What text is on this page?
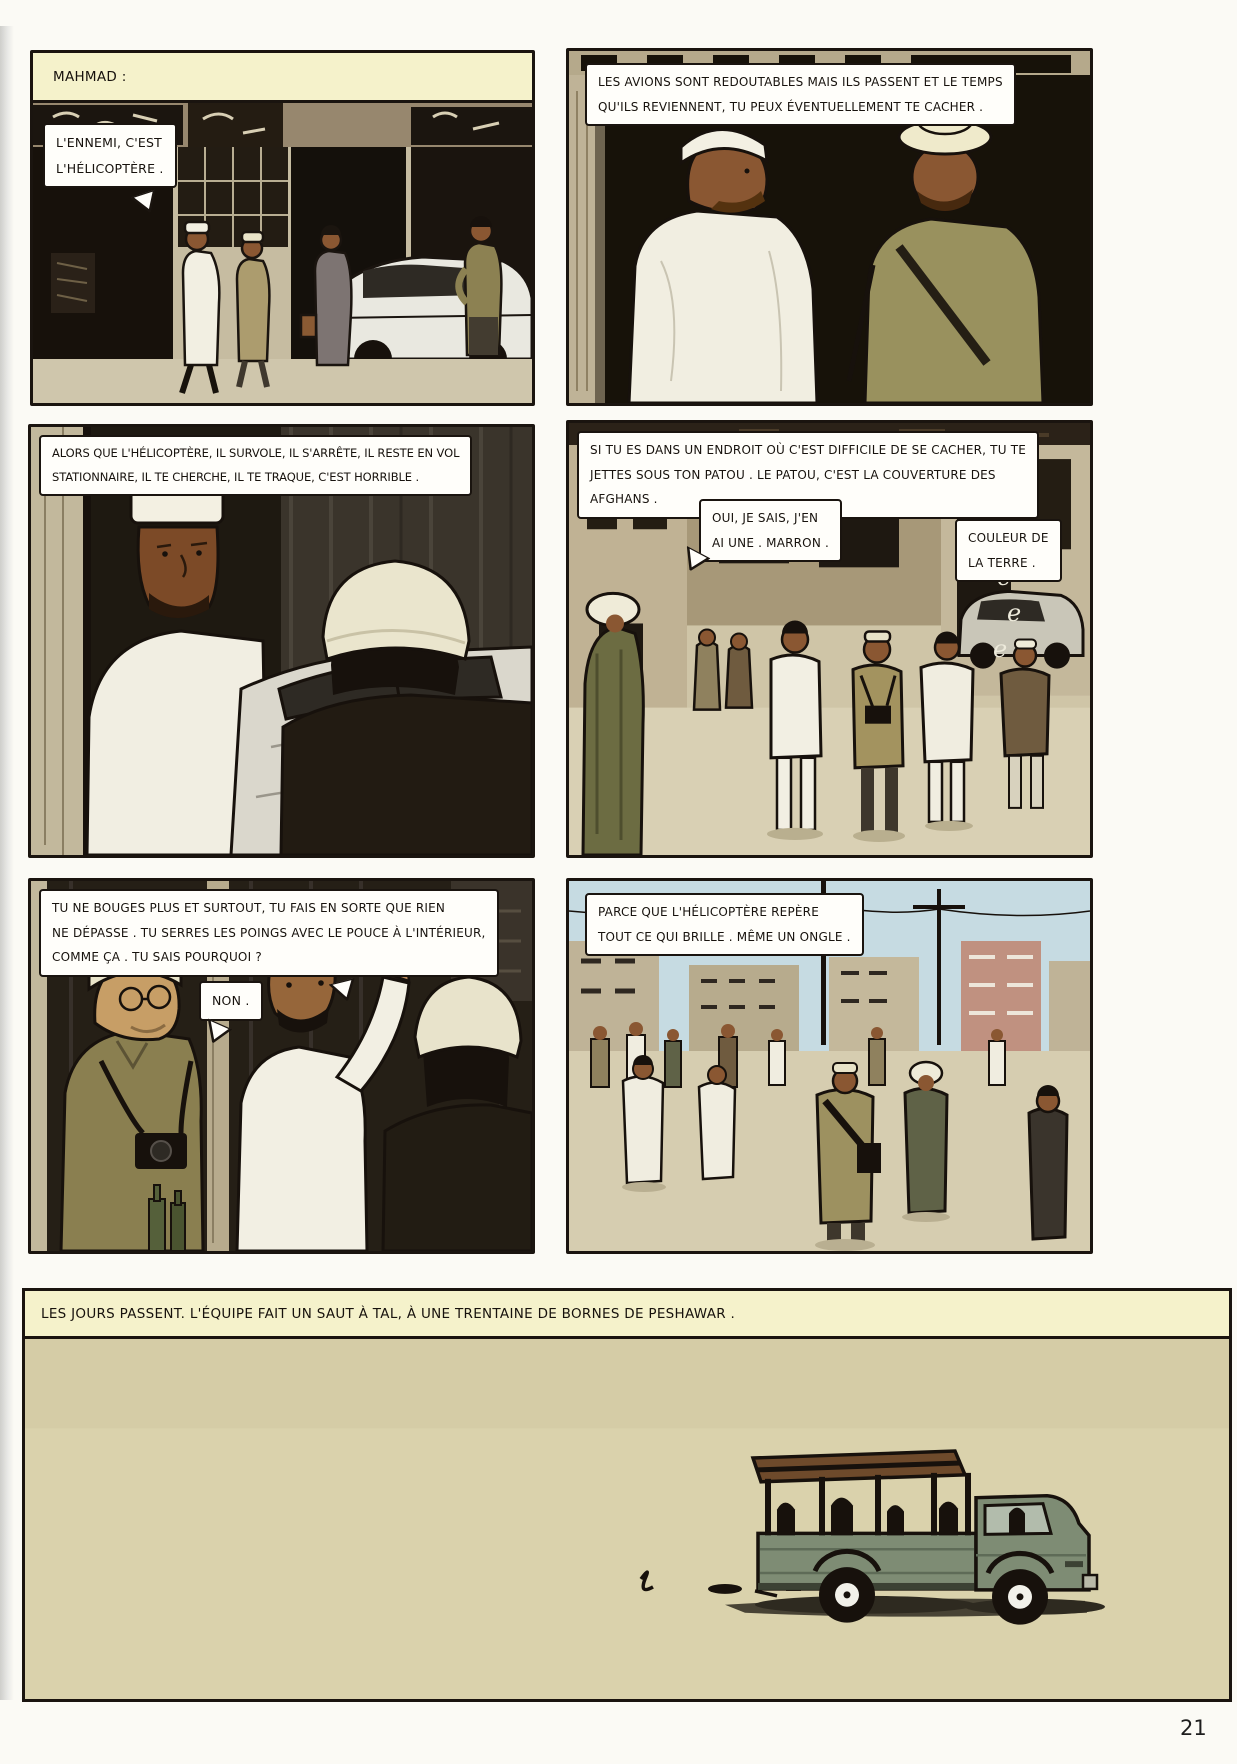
MAHMAD :
L'ENNEMI, C'EST
L'HÉLICOPTÈRE .
LES AVIONS SONT REDOUTABLES MAIS ILS PASSENT ET LE TEMPS
QU'ILS REVIENNENT, TU PEUX ÉVENTUELLEMENT TE CACHER .
ALORS QUE L'HÉLICOPTÈRE, IL SURVOLE, IL S'ARRÊTE, IL RESTE EN VOL
STATIONNAIRE, IL TE CHERCHE, IL TE TRAQUE, C'EST HORRIBLE .
e
e
SI TU ES DANS UN ENDROIT OÙ C'EST DIFFICILE DE SE CACHER, TU TE
JETTES SOUS TON PATOU . LE PATOU, C'EST LA COUVERTURE DES
AFGHANS .
OUI, JE SAIS, J'EN
AI UNE . MARRON .	COULEUR DE
LA TERRE .
TU NE BOUGES PLUS ET SURTOUT, TU FAIS EN SORTE QUE RIEN
NE DÉPASSE . TU SERRES LES POINGS AVEC LE POUCE À L'INTÉRIEUR,
COMME ÇA . TU SAIS POURQUOI ?
NON .
PARCE QUE L'HÉLICOPTÈRE REPÈRE
TOUT CE QUI BRILLE . MÊME UN ONGLE .
LES JOURS PASSENT. L'ÉQUIPE FAIT UN SAUT À TAL, À UNE TRENTAINE DE BORNES DE PESHAWAR .
21
